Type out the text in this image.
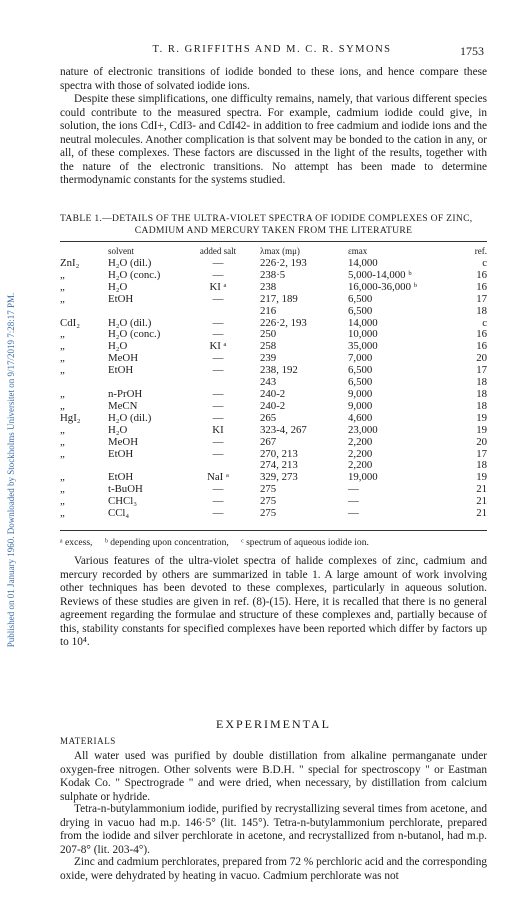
Published on 01 January 1960. Downloaded by Stockholms Universitet on 9/17/2019 7:28:17 PM.
T. R. GRIFFITHS AND M. C. R. SYMONS	1753

nature of electronic transitions of iodide bonded to these ions, and hence compare these spectra with those of solvated iodide ions.

Despite these simplifications, one difficulty remains, namely, that various different species could contribute to the measured spectra. For example, cadmium iodide could give, in solution, the ions CdI+, CdI3- and CdI42- in addition to free cadmium and iodide ions and the neutral molecules. Another complication is that solvent may be bonded to the cation in any, or all, of these complexes. These factors are discussed in the light of the results, together with the nature of the electronic transitions. No attempt has been made to determine thermodynamic constants for the systems studied.

TABLE 1.—DETAILS OF THE ULTRA-VIOLET SPECTRA OF IODIDE COMPLEXES OF ZINC,
CADMIUM AND MERCURY TAKEN FROM THE LITERATURE
	solvent	added salt	λmax (mμ)	εmax	ref.
ZnI₂	H₂O (dil.)	—	226·2, 193	14,000	c
„	H₂O (conc.)	—	238·5	5,000-14,000 ᵇ	16
„	H₂O	KI ᵃ	238	16,000-36,000 ᵇ	16
„	EtOH	—	217, 189	6,500	17
			216	6,500	18
CdI₂	H₂O (dil.)	—	226·2, 193	14,000	c
„	H₂O (conc.)	—	250	10,000	16
„	H₂O	KI ᵃ	258	35,000	16
„	MeOH	—	239	7,000	20
„	EtOH	—	238, 192	6,500	17
			243	6,500	18
„	n-PrOH	—	240-2	9,000	18
„	MeCN	—	240-2	9,000	18
HgI₂	H₂O (dil.)	—	265	4,600	19
„	H₂O	KI	323-4, 267	23,000	19
„	MeOH	—	267	2,200	20
„	EtOH	—	270, 213	2,200	17
			274, 213	2,200	18
„	EtOH	NaI ᵃ	329, 273	19,000	19
„	t-BuOH	—	275	—	21
„	CHCl₃	—	275	—	21
„	CCl₄	—	275	—	21
ᵃ excess, ᵇ depending upon concentration, ᶜ spectrum of aqueous iodide ion.

Various features of the ultra-violet spectra of halide complexes of zinc, cadmium and mercury recorded by others are summarized in table 1. A large amount of work involving other techniques has been devoted to these complexes, particularly in aqueous solution. Reviews of these studies are given in ref. (8)-(15). Here, it is recalled that there is no general agreement regarding the formulae and structure of these complexes and, partially because of this, stability constants for specified complexes have been reported which differ by factors up to 10⁴.

EXPERIMENTAL
MATERIALS

All water used was purified by double distillation from alkaline permanganate under oxygen-free nitrogen. Other solvents were B.D.H. " special for spectroscopy " or Eastman Kodak Co. " Spectrograde " and were dried, when necessary, by distillation from calcium sulphate or hydride.

Tetra-n-butylammonium iodide, purified by recrystallizing several times from acetone, and drying in vacuo had m.p. 146·5° (lit. 145°). Tetra-n-butylammonium perchlorate, prepared from the iodide and silver perchlorate in acetone, and recrystallized from n-butanol, had m.p. 207-8° (lit. 203-4°).

Zinc and cadmium perchlorates, prepared from 72 % perchloric acid and the corresponding oxide, were dehydrated by heating in vacuo. Cadmium perchlorate was not
